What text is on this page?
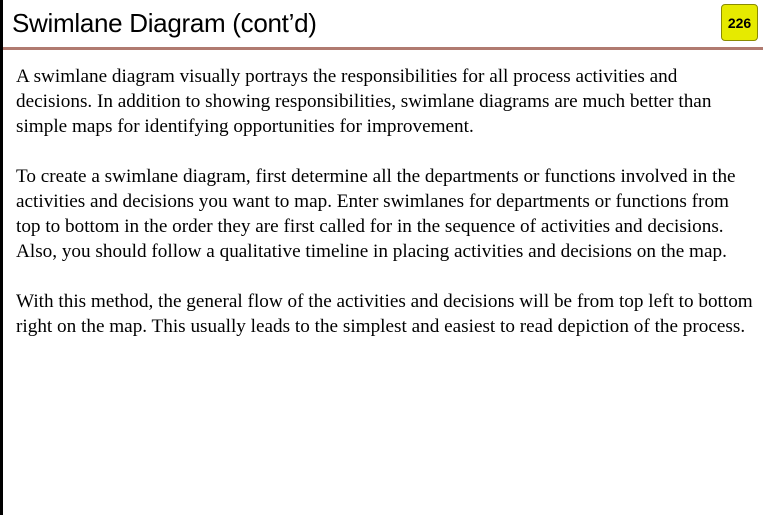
Swimlane Diagram (cont’d)	226

A swimlane diagram visually portrays the responsibilities for all process activities and decisions. In addition to showing responsibilities, swimlane diagrams are much better than simple maps for identifying opportunities for improvement.

To create a swimlane diagram, first determine all the departments or functions involved in the activities and decisions you want to map. Enter swimlanes for departments or functions from top to bottom in the order they are first called for in the sequence of activities and decisions. Also, you should follow a qualitative timeline in placing activities and decisions on the map.

With this method, the general flow of the activities and decisions will be from top left to bottom right on the map. This usually leads to the simplest and easiest to read depiction of the process.
